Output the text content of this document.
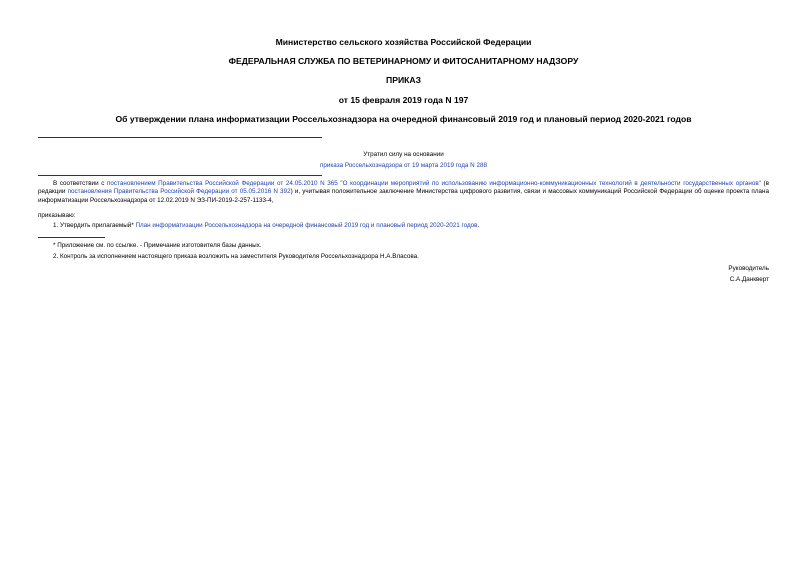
Министерство сельского хозяйства Российской Федерации
ФЕДЕРАЛЬНАЯ СЛУЖБА ПО ВЕТЕРИНАРНОМУ И ФИТОСАНИТАРНОМУ НАДЗОРУ
ПРИКАЗ
от 15 февраля 2019 года N 197
Об утверждении плана информатизации Россельхознадзора на очередной финансовый 2019 год и плановый период 2020-2021 годов
Утратил силу на основании
приказа Россельхознадзора от 19 марта 2019 года N 288
В соответствии с постановлением Правительства Российской Федерации от 24.05.2010 N 365 "О координации мероприятий по использованию информационно-коммуникационных технологий в деятельности государственных органов" (в редакции постановления Правительства Российской Федерации от 05.05.2016 N 392) и, учитывая положительное заключение Министерства цифрового развития, связи и массовых коммуникаций Российской Федерации об оценке проекта плана информатизации Россельхознадзора от 12.02.2019 N ЭЗ-ПИ-2019-2-257-1133-4,
приказываю:
1. Утвердить прилагаемый* План информатизации Россельхознадзора на очередной финансовый 2019 год и плановый период 2020-2021 годов.
* Приложение см. по ссылке. - Примечание изготовителя базы данных.
2. Контроль за исполнением настоящего приказа возложить на заместителя Руководителя Россельхознадзора Н.А.Власова.
Руководитель
С.А.Данкверт
